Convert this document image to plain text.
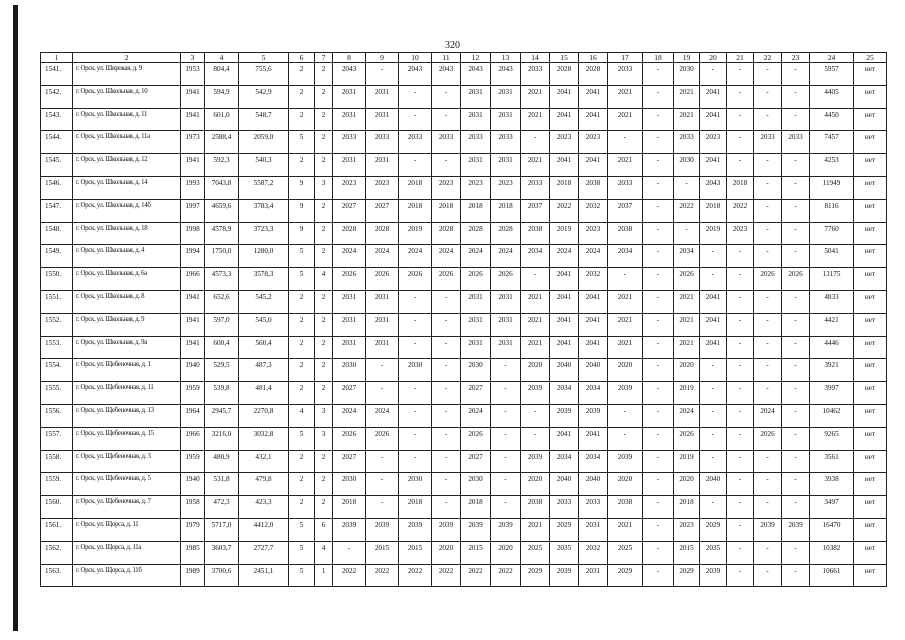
320
1	2	3	4	5	6	7	8	9	10	11	12	13	14	15	16	17	18	19	20	21	22	23	24	25
1541.	г. Орск, ул. Широкая, д. 9	1953	804,4	755,6	2	2	2043	-	2043	2043	2043	2043	2033	2028	2028	2033	-	2030	-	-	-	-	5957	нет
1542.	г. Орск, ул. Школьная, д. 10	1941	594,9	542,9	2	2	2031	2031	-	-	2031	2031	2021	2041	2041	2021	-	2021	2041	-	-	-	4405	нет
1543.	г. Орск, ул. Школьная, д. 11	1941	601,0	548,7	2	2	2031	2031	-	-	2031	2031	2021	2041	2041	2021	-	2021	2041	-	-	-	4450	нет
1544.	г. Орск, ул. Школьная, д. 11а	1973	2588,4	2059,0	5	2	2033	2033	2033	2033	2033	2033	-	2023	2023	-	-	2033	2023	-	2033	2033	7457	нет
1545.	г. Орск, ул. Школьная, д. 12	1941	592,3	540,3	2	2	2031	2031	-	-	2031	2031	2021	2041	2041	2021	-	2030	2041	-	-	-	4253	нет
1546.	г. Орск, ул. Школьная, д. 14	1993	7043,8	5587,2	9	3	2023	2023	2018	2023	2023	2023	2033	2018	2038	2033	-	-	2043	2018	-	-	11949	нет
1547.	г. Орск, ул. Школьная, д. 14б	1997	4659,6	3783,4	9	2	2027	2027	2018	2018	2018	2018	2037	2022	2032	2037	-	2022	2018	2022	-	-	8116	нет
1548.	г. Орск, ул. Школьная, д. 18	1998	4578,9	3723,3	9	2	2028	2028	2019	2028	2028	2028	2038	2019	2023	2038	-	-	2019	2023	-	-	7760	нет
1549.	г. Орск, ул. Школьная, д. 4	1994	1750,0	1280,0	5	2	2024	2024	2024	2024	2024	2024	2034	2024	2024	2034	-	2034	-	-	-	-	5041	нет
1550.	г. Орск, ул. Школьная, д. 6а	1966	4573,3	3578,3	5	4	2026	2026	2026	2026	2026	2026	-	2041	2032	-	-	2026	-	-	2026	2026	13175	нет
1551.	г. Орск, ул. Школьная, д. 8	1941	652,6	545,2	2	2	2031	2031	-	-	2031	2031	2021	2041	2041	2021	-	2021	2041	-	-	-	4833	нет
1552.	г. Орск, ул. Школьная, д. 9	1941	597,0	545,0	2	2	2031	2031	-	-	2031	2031	2021	2041	2041	2021	-	2021	2041	-	-	-	4421	нет
1553.	г. Орск, ул. Школьная, д. 9а	1941	600,4	560,4	2	2	2031	2031	-	-	2031	2031	2021	2041	2041	2021	-	2021	2041	-	-	-	4446	нет
1554.	г. Орск, ул. Щебеночная, д. 1	1940	529,5	487,3	2	2	2030	-	2030	-	2030	-	2020	2040	2040	2020	-	2020	-	-	-	-	3921	нет
1555.	г. Орск, ул. Щебеночная, д. 11	1959	539,8	481,4	2	2	2027	-	-	-	2027	-	2039	2034	2034	2039	-	2019	-	-	-	-	3997	нет
1556.	г. Орск, ул. Щебеночная, д. 13	1964	2945,7	2270,8	4	3	2024	2024	-	-	2024	-	-	2039	2039	-	-	2024	-	-	2024	-	10462	нет
1557.	г. Орск, ул. Щебеночная, д. 15	1966	3216,0	3032,8	5	3	2026	2026	-	-	2026	-	-	2041	2041	-	-	2026	-	-	2026	-	9265	нет
1558.	г. Орск, ул. Щебеночная, д. 3	1959	480,9	432,1	2	2	2027	-	-	-	2027	-	2039	2034	2034	2039	-	2019	-	-	-	-	3561	нет
1559.	г. Орск, ул. Щебеночная, д. 5	1940	531,8	479,8	2	2	2030	-	2030	-	2030	-	2020	2040	2040	2020	-	2020	2040	-	-	-	3938	нет
1560.	г. Орск, ул. Щебеночная, д. 7	1958	472,3	423,3	2	2	2018	-	2018	-	2018	-	2038	2033	2033	2038	-	2018	-	-	-	-	3497	нет
1561.	г. Орск, ул. Щорса, д. 11	1979	5717,0	4412,0	5	6	2039	2039	2039	2039	2039	2039	2021	2029	2031	2021	-	2023	2029	-	2039	2039	16470	нет
1562.	г. Орск, ул. Щорса, д. 11а	1985	3603,7	2727,7	5	4	-	2015	2015	2020	2015	2020	2025	2035	2032	2025	-	2015	2035	-	-	-	10382	нет
1563.	г. Орск, ул. Щорса, д. 11б	1989	3700,6	2451,1	5	1	2022	2022	2022	2022	2022	2022	2029	2039	2031	2029	-	2029	2039	-	-	-	10661	нет
